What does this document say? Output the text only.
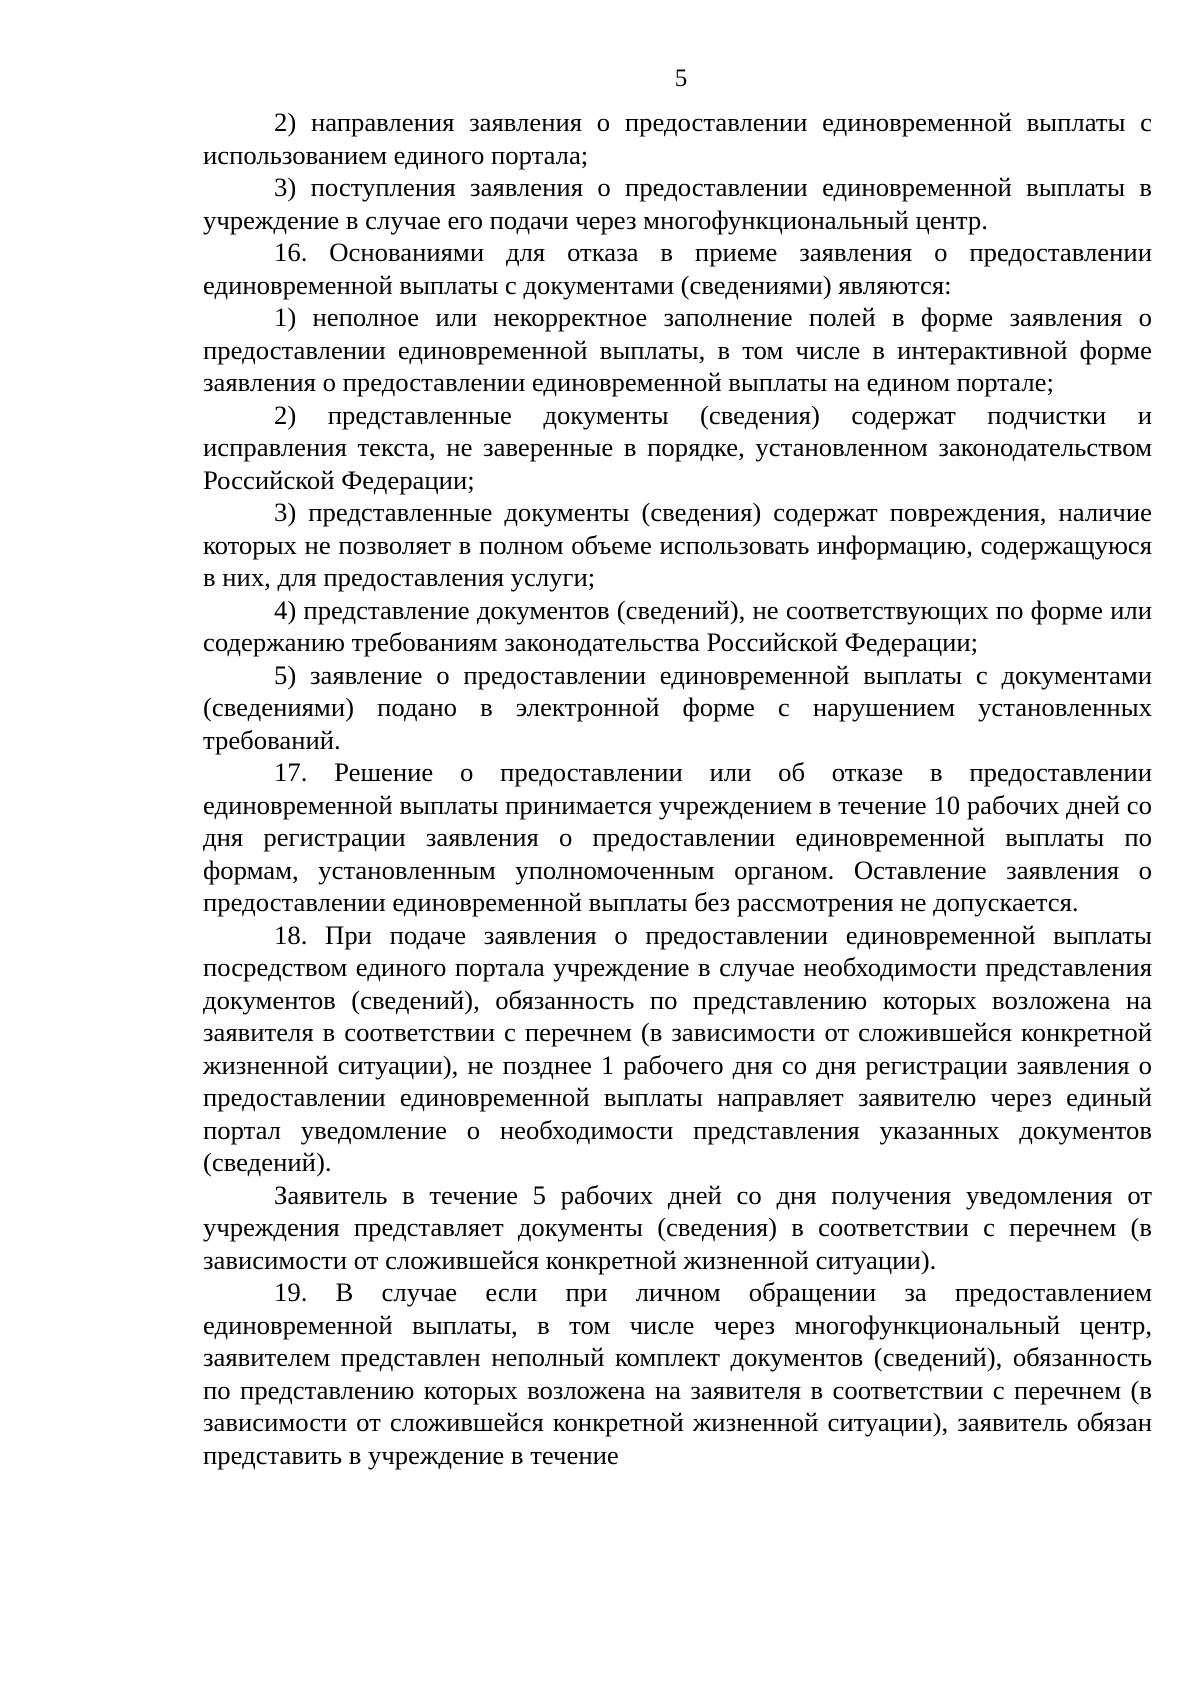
5

2) направления заявления о предоставлении единовременной выплаты с использованием единого портала;

3) поступления заявления о предоставлении единовременной выплаты в учреждение в случае его подачи через многофункциональный центр.

16. Основаниями для отказа в приеме заявления о предоставлении единовременной выплаты с документами (сведениями) являются:

1) неполное или некорректное заполнение полей в форме заявления о предоставлении единовременной выплаты, в том числе в интерактивной форме заявления о предоставлении единовременной выплаты на едином портале;

2) представленные документы (сведения) содержат подчистки и исправления текста, не заверенные в порядке, установленном законодательством Российской Федерации;

3) представленные документы (сведения) содержат повреждения, наличие которых не позволяет в полном объеме использовать информацию, содержащуюся в них, для предоставления услуги;

4) представление документов (сведений), не соответствующих по форме или содержанию требованиям законодательства Российской Федерации;

5) заявление о предоставлении единовременной выплаты с документами (сведениями) подано в электронной форме с нарушением установленных требований.

17. Решение о предоставлении или об отказе в предоставлении единовременной выплаты принимается учреждением в течение 10 рабочих дней со дня регистрации заявления о предоставлении единовременной выплаты по формам, установленным уполномоченным органом. Оставление заявления о предоставлении единовременной выплаты без рассмотрения не допускается.

18. При подаче заявления о предоставлении единовременной выплаты посредством единого портала учреждение в случае необходимости представления документов (сведений), обязанность по представлению которых возложена на заявителя в соответствии с перечнем (в зависимости от сложившейся конкретной жизненной ситуации), не позднее 1 рабочего дня со дня регистрации заявления о предоставлении единовременной выплаты направляет заявителю через единый портал уведомление о необходимости представления указанных документов (сведений).

Заявитель в течение 5 рабочих дней со дня получения уведомления от учреждения представляет документы (сведения) в соответствии с перечнем (в зависимости от сложившейся конкретной жизненной ситуации).

19. В случае если при личном обращении за предоставлением единовременной выплаты, в том числе через многофункциональный центр, заявителем представлен неполный комплект документов (сведений), обязанность по представлению которых возложена на заявителя в соответствии с перечнем (в зависимости от сложившейся конкретной жизненной ситуации), заявитель обязан представить в учреждение в течение
